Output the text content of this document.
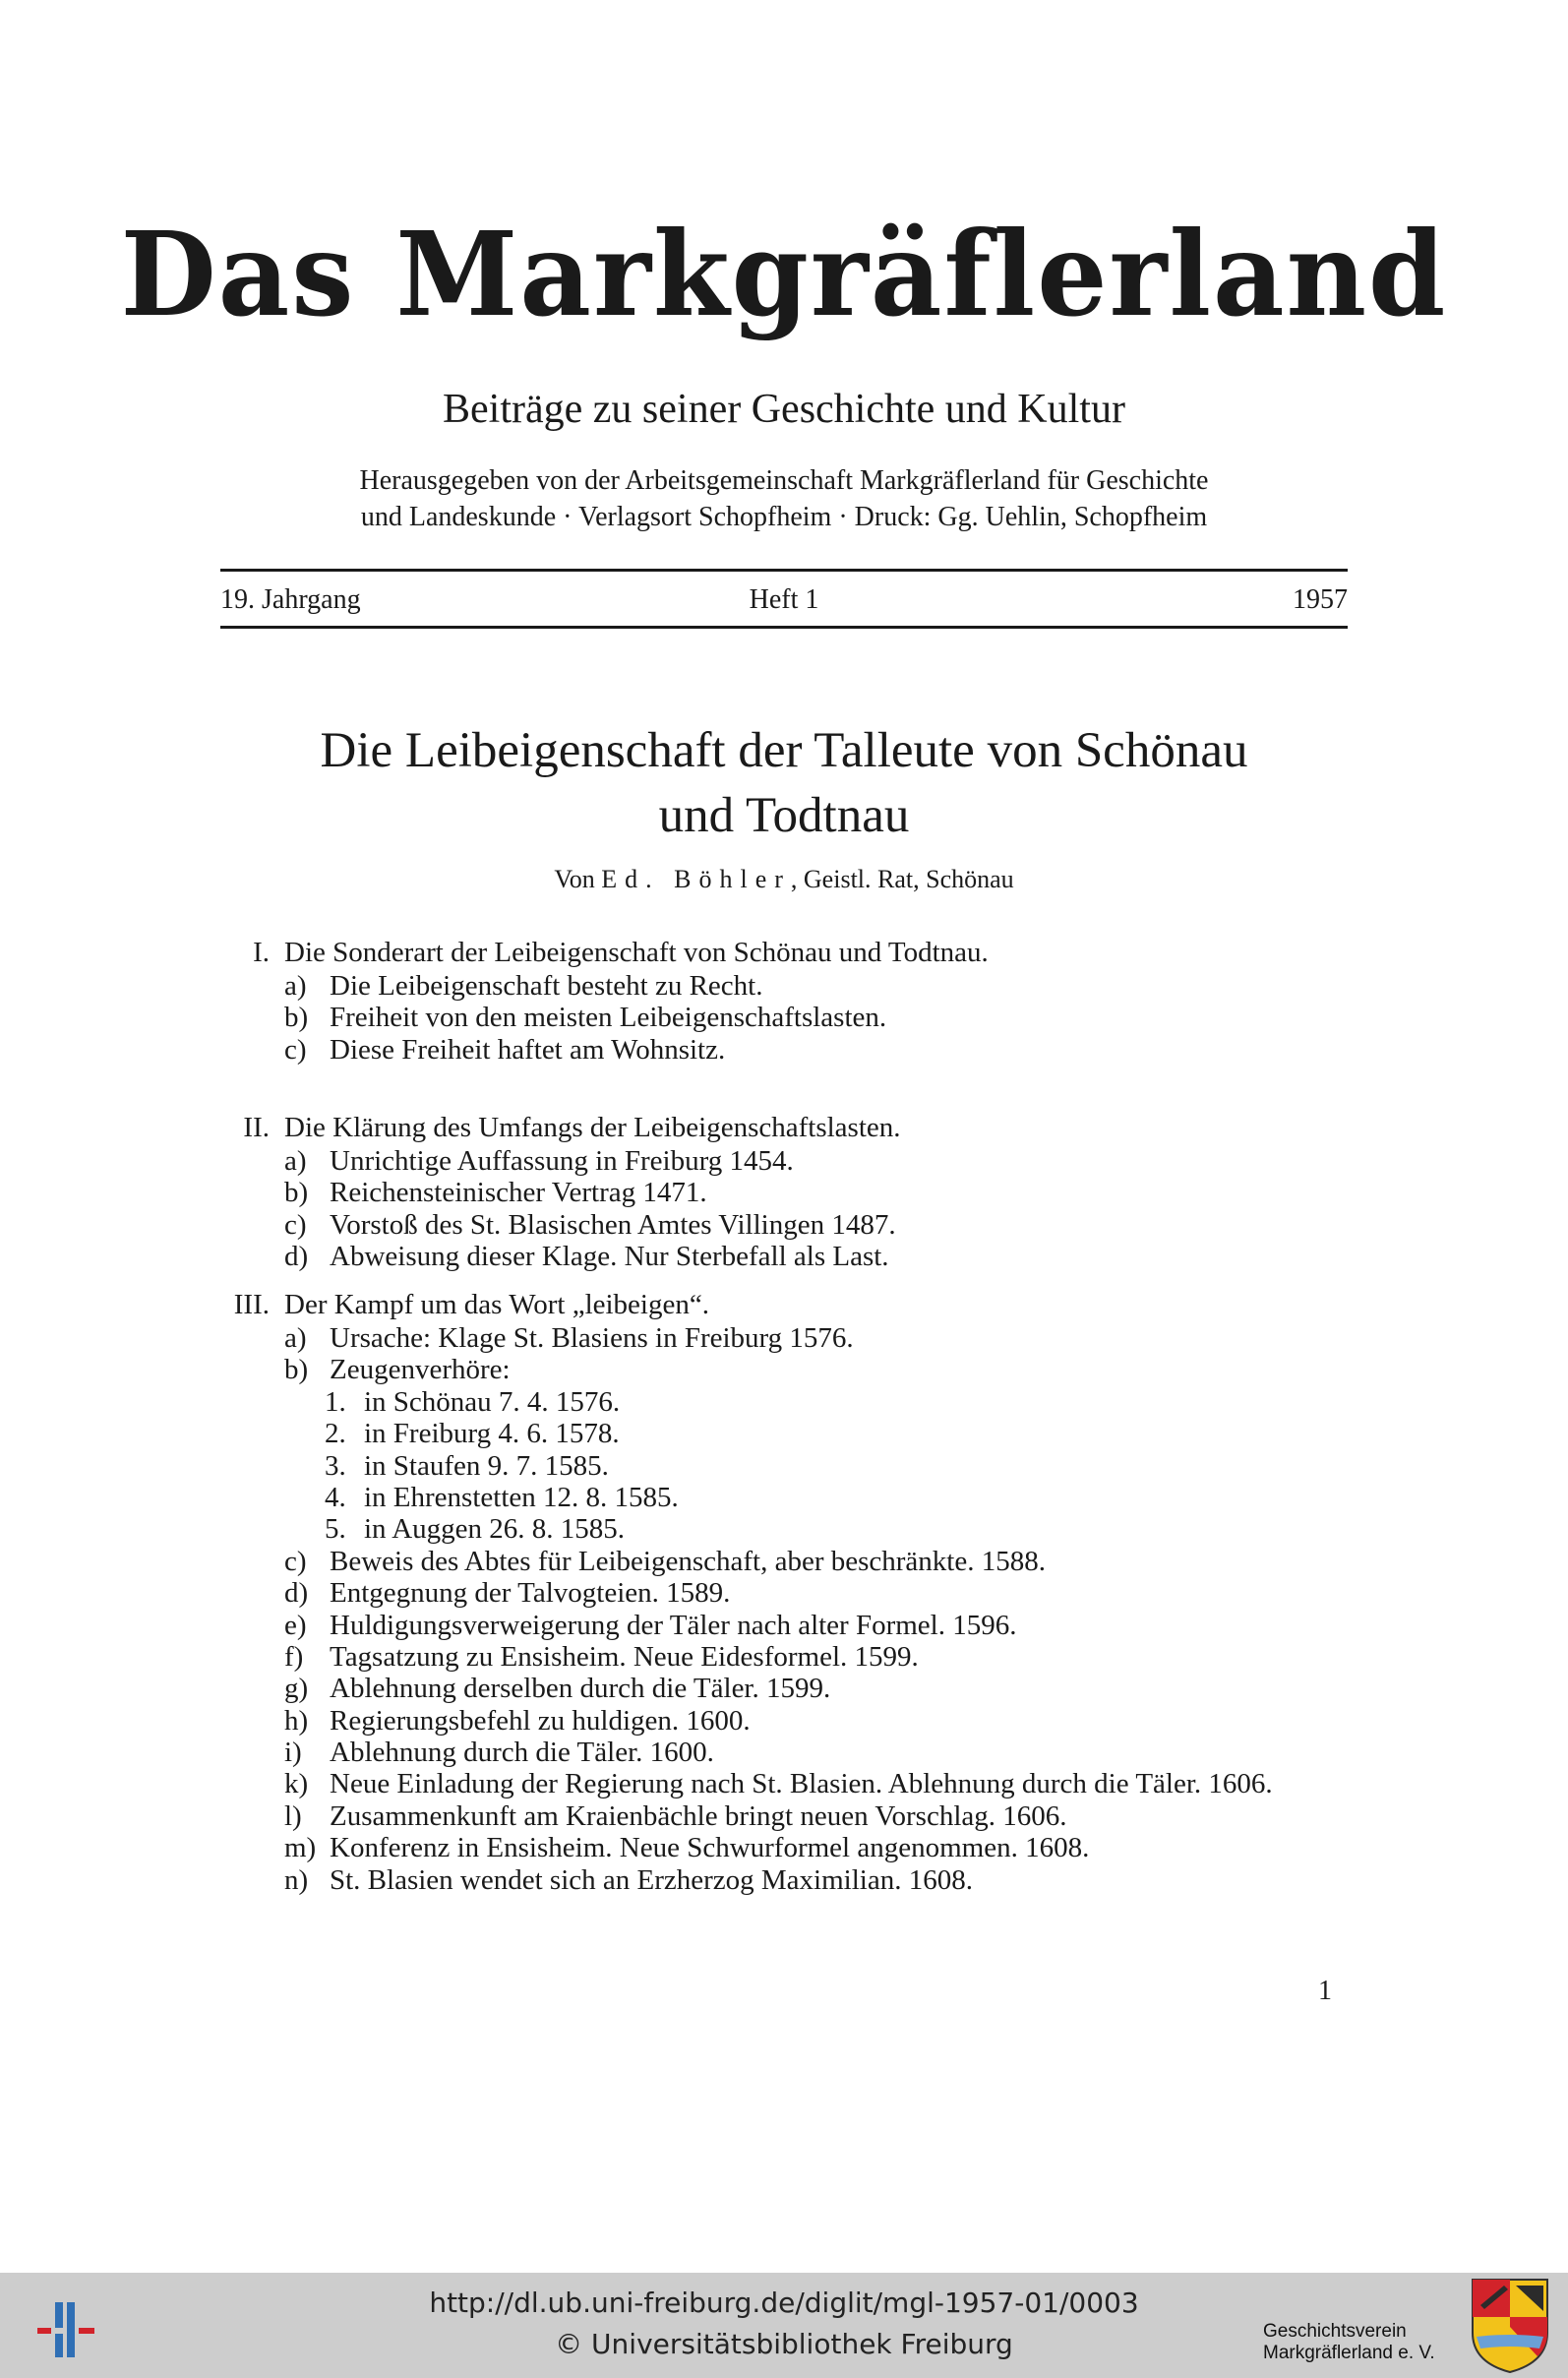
Das Markgräflerland
Beiträge zu seiner Geschichte und Kultur
Herausgegeben von der Arbeitsgemeinschaft Markgräflerland für Geschichte
und Landeskunde · Verlagsort Schopfheim · Druck: Gg. Uehlin, Schopfheim
19. Jahrgang	Heft 1	1957
Die Leibeigenschaft der Talleute von Schönau
und Todtnau
Von Ed. Böhler, Geistl. Rat, Schönau
I. Die Sonderart der Leibeigenschaft von Schönau und Todtnau.
a) Die Leibeigenschaft besteht zu Recht.
b) Freiheit von den meisten Leibeigenschaftslasten.
c) Diese Freiheit haftet am Wohnsitz.
II. Die Klärung des Umfangs der Leibeigenschaftslasten.
a) Unrichtige Auffassung in Freiburg 1454.
b) Reichensteinischer Vertrag 1471.
c) Vorstoß des St. Blasischen Amtes Villingen 1487.
d) Abweisung dieser Klage. Nur Sterbefall als Last.
III. Der Kampf um das Wort „leibeigen“.
a) Ursache: Klage St. Blasiens in Freiburg 1576.
b) Zeugenverhöre:
1. in Schönau 7. 4. 1576.
2. in Freiburg 4. 6. 1578.
3. in Staufen 9. 7. 1585.
4. in Ehrenstetten 12. 8. 1585.
5. in Auggen 26. 8. 1585.
c) Beweis des Abtes für Leibeigenschaft, aber beschränkte. 1588.
d) Entgegnung der Talvogteien. 1589.
e) Huldigungsverweigerung der Täler nach alter Formel. 1596.
f) Tagsatzung zu Ensisheim. Neue Eidesformel. 1599.
g) Ablehnung derselben durch die Täler. 1599.
h) Regierungsbefehl zu huldigen. 1600.
i) Ablehnung durch die Täler. 1600.
k) Neue Einladung der Regierung nach St. Blasien. Ablehnung durch die Täler. 1606.
l) Zusammenkunft am Kraienbächle bringt neuen Vorschlag. 1606.
m) Konferenz in Ensisheim. Neue Schwurformel angenommen. 1608.
n) St. Blasien wendet sich an Erzherzog Maximilian. 1608.
1
http://dl.ub.uni-freiburg.de/diglit/mgl-1957-01/0003
© Universitätsbibliothek Freiburg	Geschichtsverein
Markgräflerland e. V.
